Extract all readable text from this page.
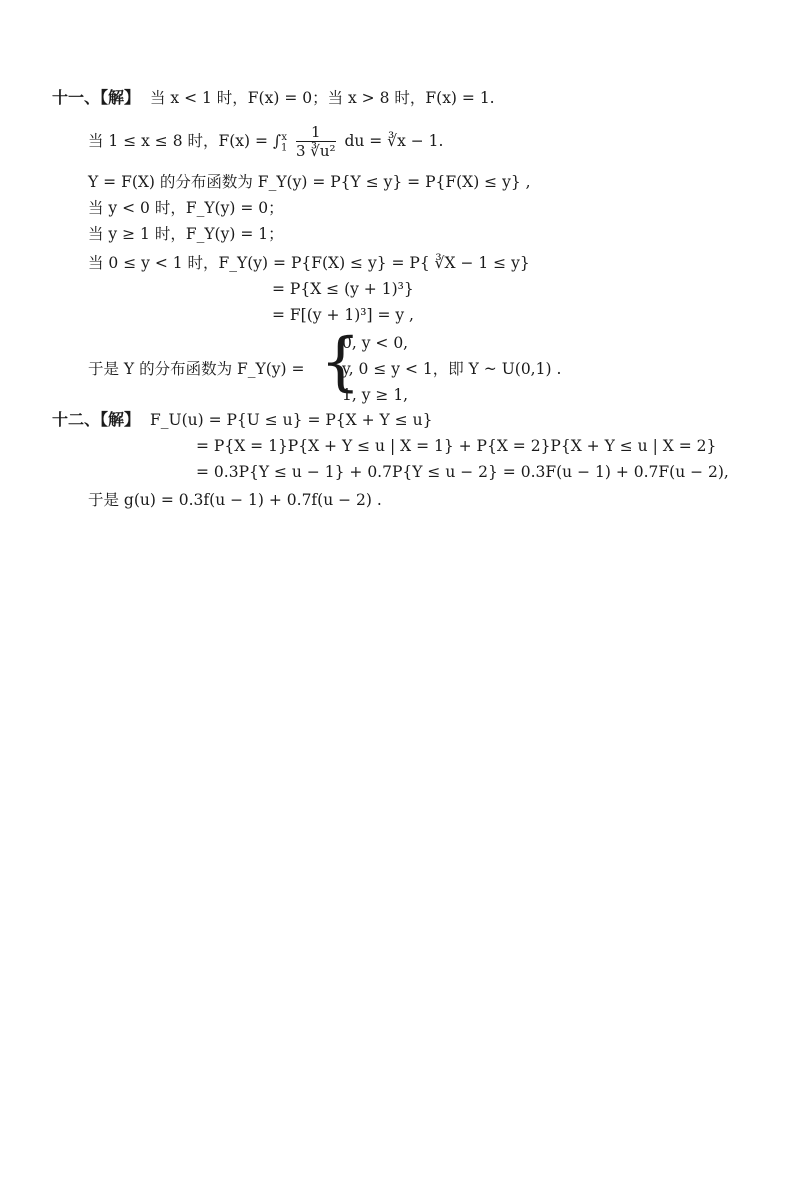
十一、【解】 当 x < 1 时，F(x) = 0；当 x > 8 时，F(x) = 1.
当 1 ≤ x ≤ 8 时，$F(x) = \int_1^x \frac{1}{\text{3 ∛u²}}$ du = ∛x − 1.
Y = F(X) 的分布函数为 F_Y(y) = P{Y ≤ y} = P{F(X) ≤ y} ,
当 y < 0 时，F_Y(y) = 0；
当 y ≥ 1 时，F_Y(y) = 1；
当 0 ≤ y < 1 时，F_Y(y) = P{F(X) ≤ y} = P{ ∛X − 1 ≤ y}
= P{X ≤ (y + 1)³}
= F[(y + 1)³] = y ,
于是 Y 的分布函数为 F_Y(y) = {
0, y < 0,
y, 0 ≤ y < 1，即 Y ~ U(0,1) .
1, y ≥ 1,
十二、【解】 F_U(u) = P{U ≤ u} = P{X + Y ≤ u}
= P{X = 1}P{X + Y ≤ u | X = 1} + P{X = 2}P{X + Y ≤ u | X = 2}
= 0.3P{Y ≤ u − 1} + 0.7P{Y ≤ u − 2} = 0.3F(u − 1) + 0.7F(u − 2),
于是 g(u) = 0.3f(u − 1) + 0.7f(u − 2) .
